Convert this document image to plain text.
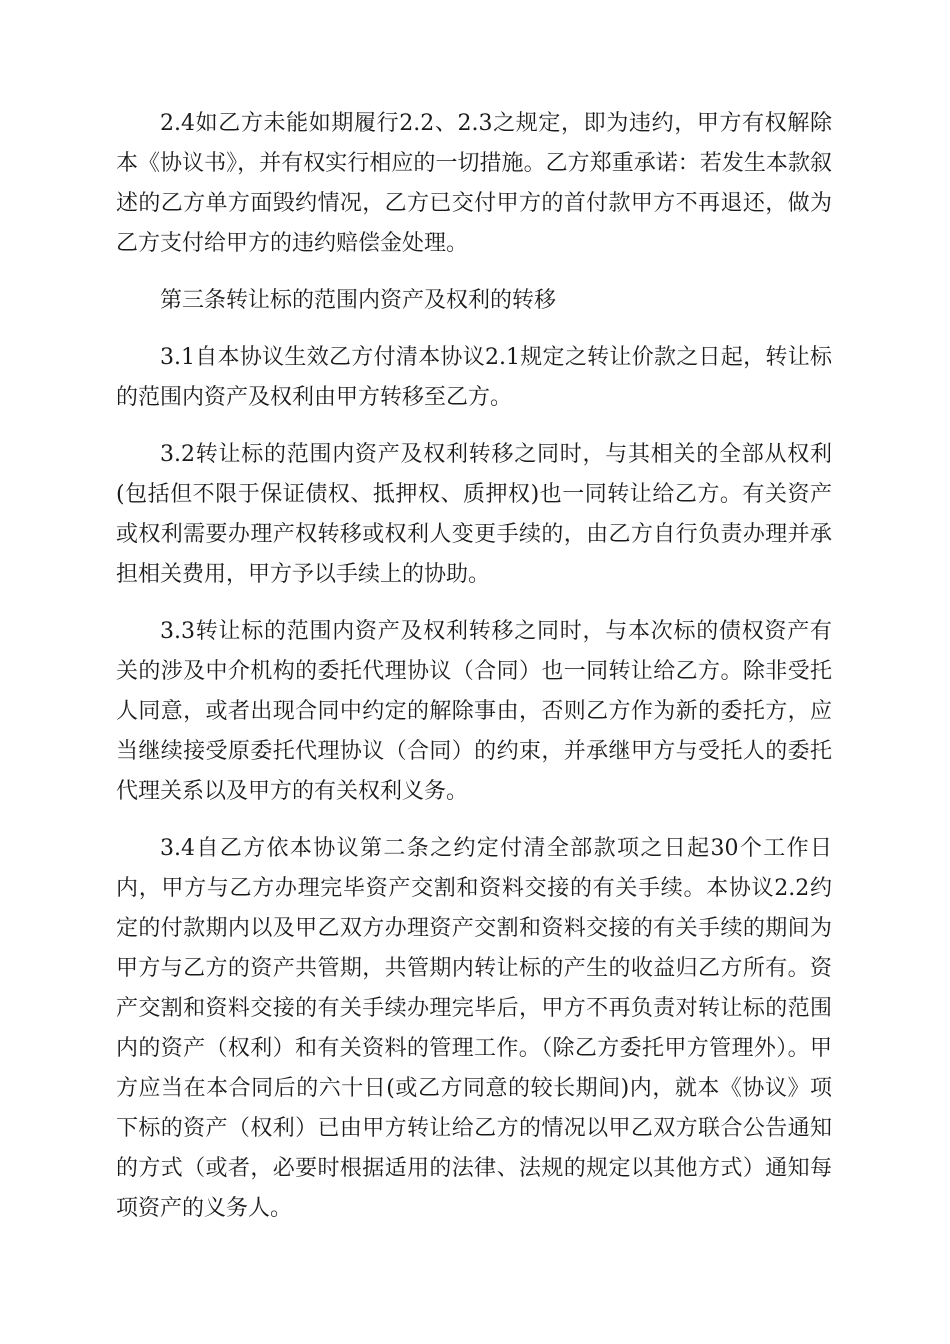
2.4如乙方未能如期履行2.2、2.3之规定，即为违约，甲方有权解除本《协议书》，并有权实行相应的一切措施。乙方郑重承诺：若发生本款叙述的乙方单方面毁约情况，乙方已交付甲方的首付款甲方不再退还，做为乙方支付给甲方的违约赔偿金处理。

第三条转让标的范围内资产及权利的转移

3.1自本协议生效乙方付清本协议2.1规定之转让价款之日起，转让标的范围内资产及权利由甲方转移至乙方。

3.2转让标的范围内资产及权利转移之同时，与其相关的全部从权利(包括但不限于保证债权、抵押权、质押权)也一同转让给乙方。有关资产或权利需要办理产权转移或权利人变更手续的，由乙方自行负责办理并承担相关费用，甲方予以手续上的协助。

3.3转让标的范围内资产及权利转移之同时，与本次标的债权资产有关的涉及中介机构的委托代理协议（合同）也一同转让给乙方。除非受托人同意，或者出现合同中约定的解除事由，否则乙方作为新的委托方，应当继续接受原委托代理协议（合同）的约束，并承继甲方与受托人的委托代理关系以及甲方的有关权利义务。

3.4自乙方依本协议第二条之约定付清全部款项之日起30个工作日内，甲方与乙方办理完毕资产交割和资料交接的有关手续。本协议2.2约定的付款期内以及甲乙双方办理资产交割和资料交接的有关手续的期间为甲方与乙方的资产共管期，共管期内转让标的产生的收益归乙方所有。资产交割和资料交接的有关手续办理完毕后，甲方不再负责对转让标的范围内的资产（权利）和有关资料的管理工作。（除乙方委托甲方管理外）。甲方应当在本合同后的六十日(或乙方同意的较长期间)内，就本《协议》项下标的资产（权利）已由甲方转让给乙方的情况以甲乙双方联合公告通知的方式（或者，必要时根据适用的法律、法规的规定以其他方式）通知每项资产的义务人。
